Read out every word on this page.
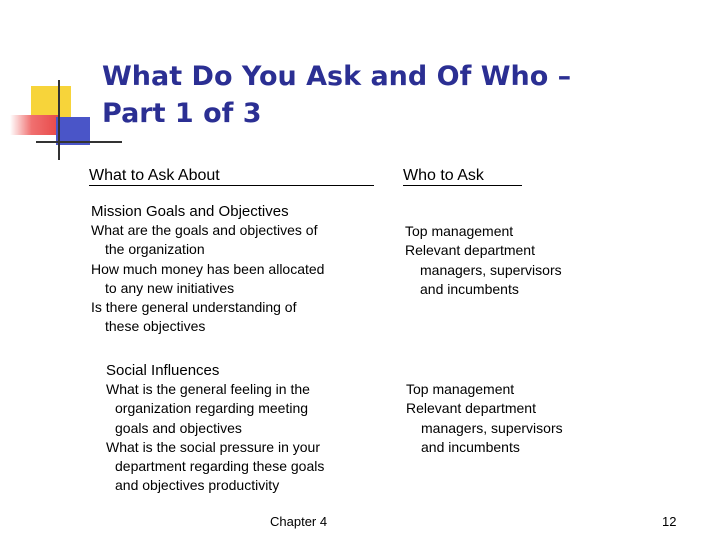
What Do You Ask and Of Who –
Part 1 of 3
What to Ask About	Who to Ask
Mission Goals and Objectives
What are the goals and objectives of
the organization
How much money has been allocated
to any new initiatives
Is there general understanding of
these objectives
Top management
Relevant department
managers, supervisors
and incumbents
Social Influences
What is the general feeling in the
organization regarding meeting
goals and objectives
What is the social pressure in your
department regarding these goals
and objectives productivity
Top management
Relevant department
managers, supervisors
and incumbents
Chapter 4	12
